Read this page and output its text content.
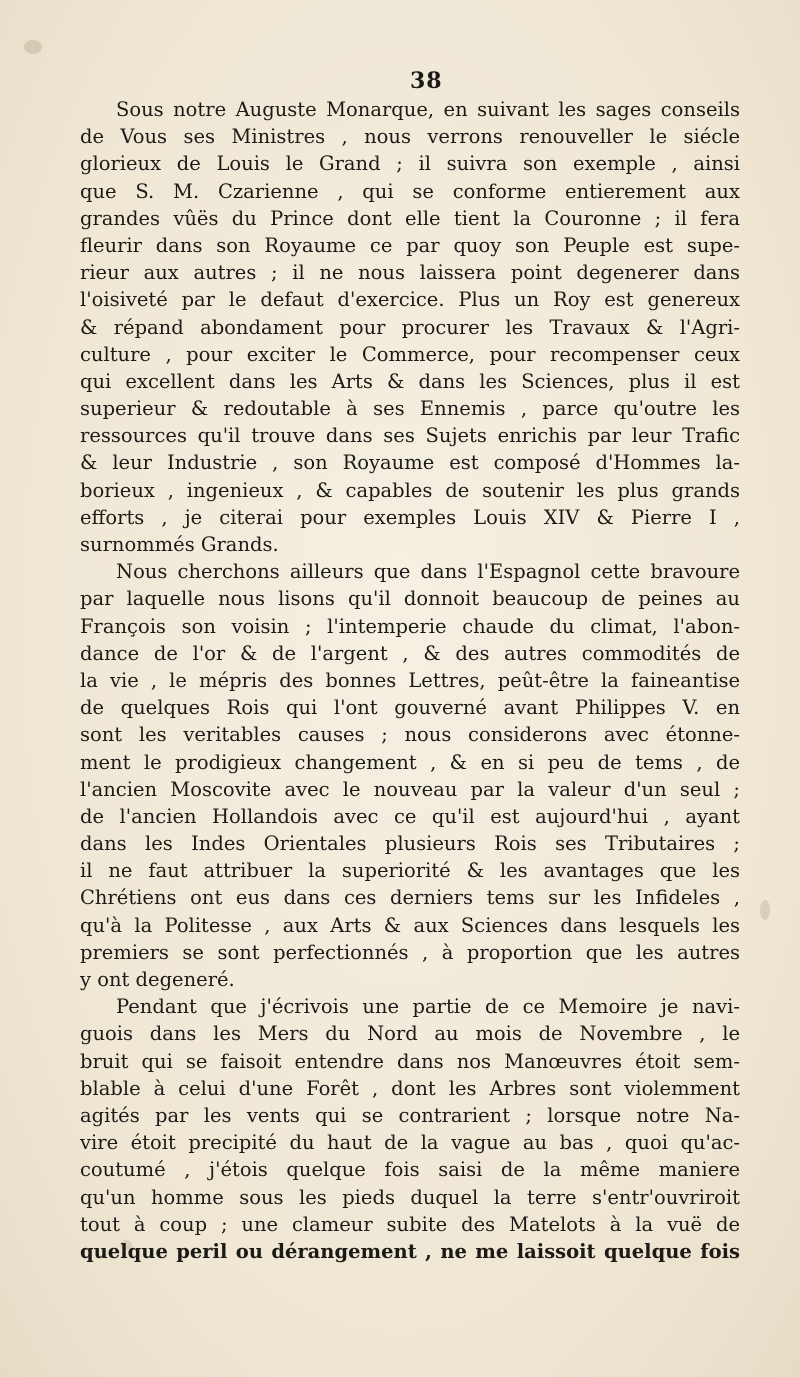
38
Sous notre Auguste Monarque, en suivant les sages conseils
de Vous ses Ministres , nous verrons renouveller le siécle
glorieux de Louis le Grand ; il suivra son exemple , ainsi
que S. M. Czarienne , qui se conforme entierement aux
grandes vûës du Prince dont elle tient la Couronne ; il fera
fleurir dans son Royaume ce par quoy son Peuple est supe-
rieur aux autres ; il ne nous laissera point degenerer dans
l'oisiveté par le defaut d'exercice. Plus un Roy est genereux
& répand abondament pour procurer les Travaux & l'Agri-
culture , pour exciter le Commerce, pour recompenser ceux
qui excellent dans les Arts & dans les Sciences, plus il est
superieur & redoutable à ses Ennemis , parce qu'outre les
ressources qu'il trouve dans ses Sujets enrichis par leur Trafic
& leur Industrie , son Royaume est composé d'Hommes la-
borieux , ingenieux , & capables de soutenir les plus grands
efforts , je citerai pour exemples Louis XIV & Pierre I ,
surnommés Grands.
Nous cherchons ailleurs que dans l'Espagnol cette bravoure
par laquelle nous lisons qu'il donnoit beaucoup de peines au
François son voisin ; l'intemperie chaude du climat, l'abon-
dance de l'or & de l'argent , & des autres commodités de
la vie , le mépris des bonnes Lettres, peût-être la faineantise
de quelques Rois qui l'ont gouverné avant Philippes V. en
sont les veritables causes ; nous considerons avec étonne-
ment le prodigieux changement , & en si peu de tems , de
l'ancien Moscovite avec le nouveau par la valeur d'un seul ;
de l'ancien Hollandois avec ce qu'il est aujourd'hui , ayant
dans les Indes Orientales plusieurs Rois ses Tributaires ;
il ne faut attribuer la superiorité & les avantages que les
Chrétiens ont eus dans ces derniers tems sur les Infideles ,
qu'à la Politesse , aux Arts & aux Sciences dans lesquels les
premiers se sont perfectionnés , à proportion que les autres
y ont degeneré.
Pendant que j'écrivois une partie de ce Memoire je navi-
guois dans les Mers du Nord au mois de Novembre , le
bruit qui se faisoit entendre dans nos Manœuvres étoit sem-
blable à celui d'une Forêt , dont les Arbres sont violemment
agités par les vents qui se contrarient ; lorsque notre Na-
vire étoit precipité du haut de la vague au bas , quoi qu'ac-
coutumé , j'étois quelque fois saisi de la même maniere
qu'un homme sous les pieds duquel la terre s'entr'ouvriroit
tout à coup ; une clameur subite des Matelots à la vuë de
quelque peril ou dérangement , ne me laissoit quelque fois
